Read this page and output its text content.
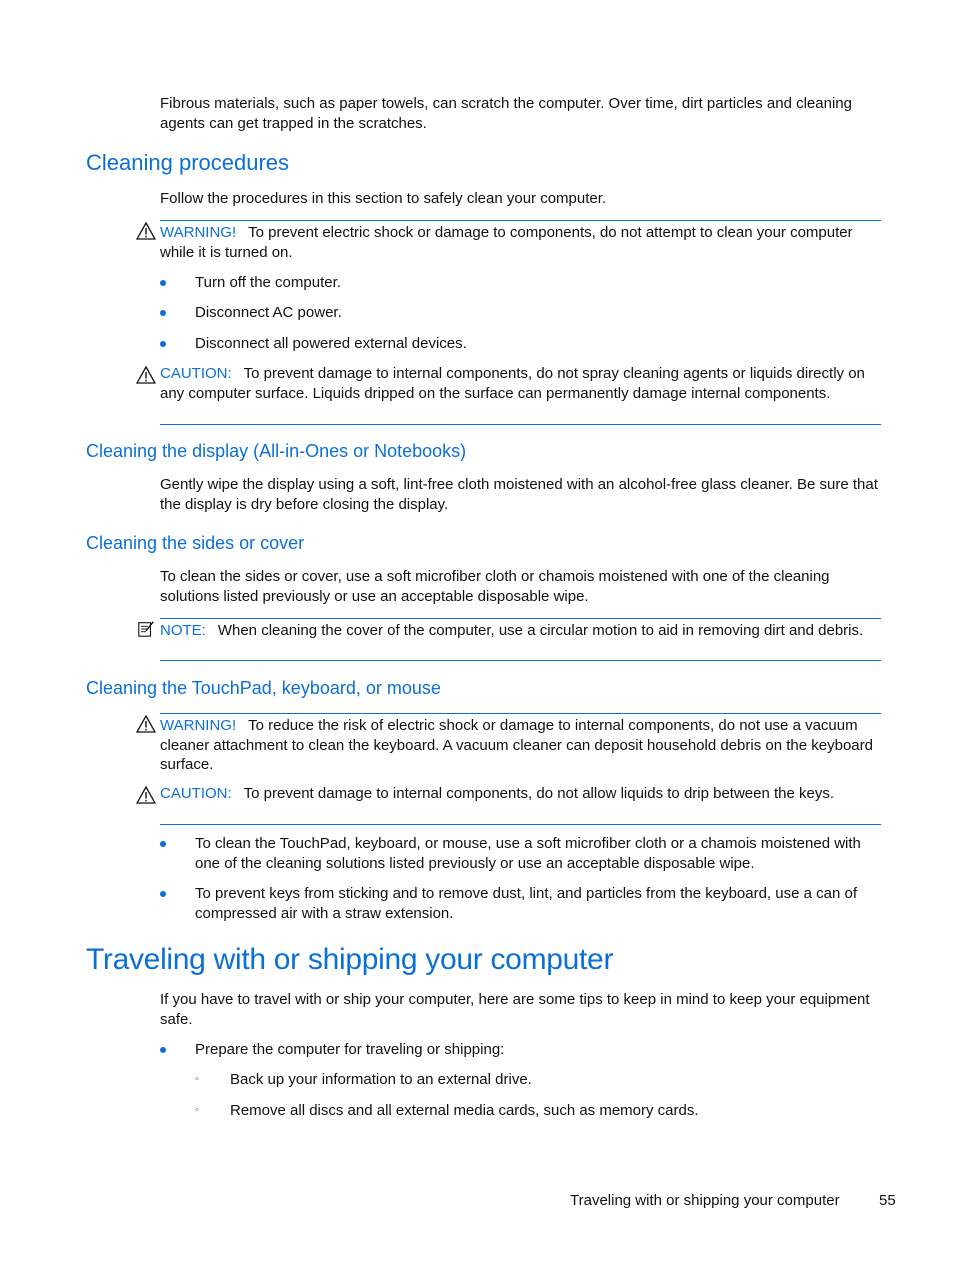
Fibrous materials, such as paper towels, can scratch the computer. Over time, dirt particles and cleaning agents can get trapped in the scratches.

Cleaning procedures

Follow the procedures in this section to safely clean your computer.

WARNING! To prevent electric shock or damage to components, do not attempt to clean your computer while it is turned on.
Turn off the computer.
Disconnect AC power.
Disconnect all powered external devices.
CAUTION: To prevent damage to internal components, do not spray cleaning agents or liquids directly on any computer surface. Liquids dripped on the surface can permanently damage internal components.
Cleaning the display (All-in-Ones or Notebooks)

Gently wipe the display using a soft, lint-free cloth moistened with an alcohol-free glass cleaner. Be sure that the display is dry before closing the display.

Cleaning the sides or cover

To clean the sides or cover, use a soft microfiber cloth or chamois moistened with one of the cleaning solutions listed previously or use an acceptable disposable wipe.

NOTE: When cleaning the cover of the computer, use a circular motion to aid in removing dirt and debris.
Cleaning the TouchPad, keyboard, or mouse
WARNING! To reduce the risk of electric shock or damage to internal components, do not use a vacuum cleaner attachment to clean the keyboard. A vacuum cleaner can deposit household debris on the keyboard surface.
CAUTION: To prevent damage to internal components, do not allow liquids to drip between the keys.
To clean the TouchPad, keyboard, or mouse, use a soft microfiber cloth or a chamois moistened with one of the cleaning solutions listed previously or use an acceptable disposable wipe.
To prevent keys from sticking and to remove dust, lint, and particles from the keyboard, use a can of compressed air with a straw extension.
Traveling with or shipping your computer

If you have to travel with or ship your computer, here are some tips to keep in mind to keep your equipment safe.

Prepare the computer for traveling or shipping:
◦ Back up your information to an external drive.
◦ Remove all discs and all external media cards, such as memory cards.
Traveling with or shipping your computer	55
